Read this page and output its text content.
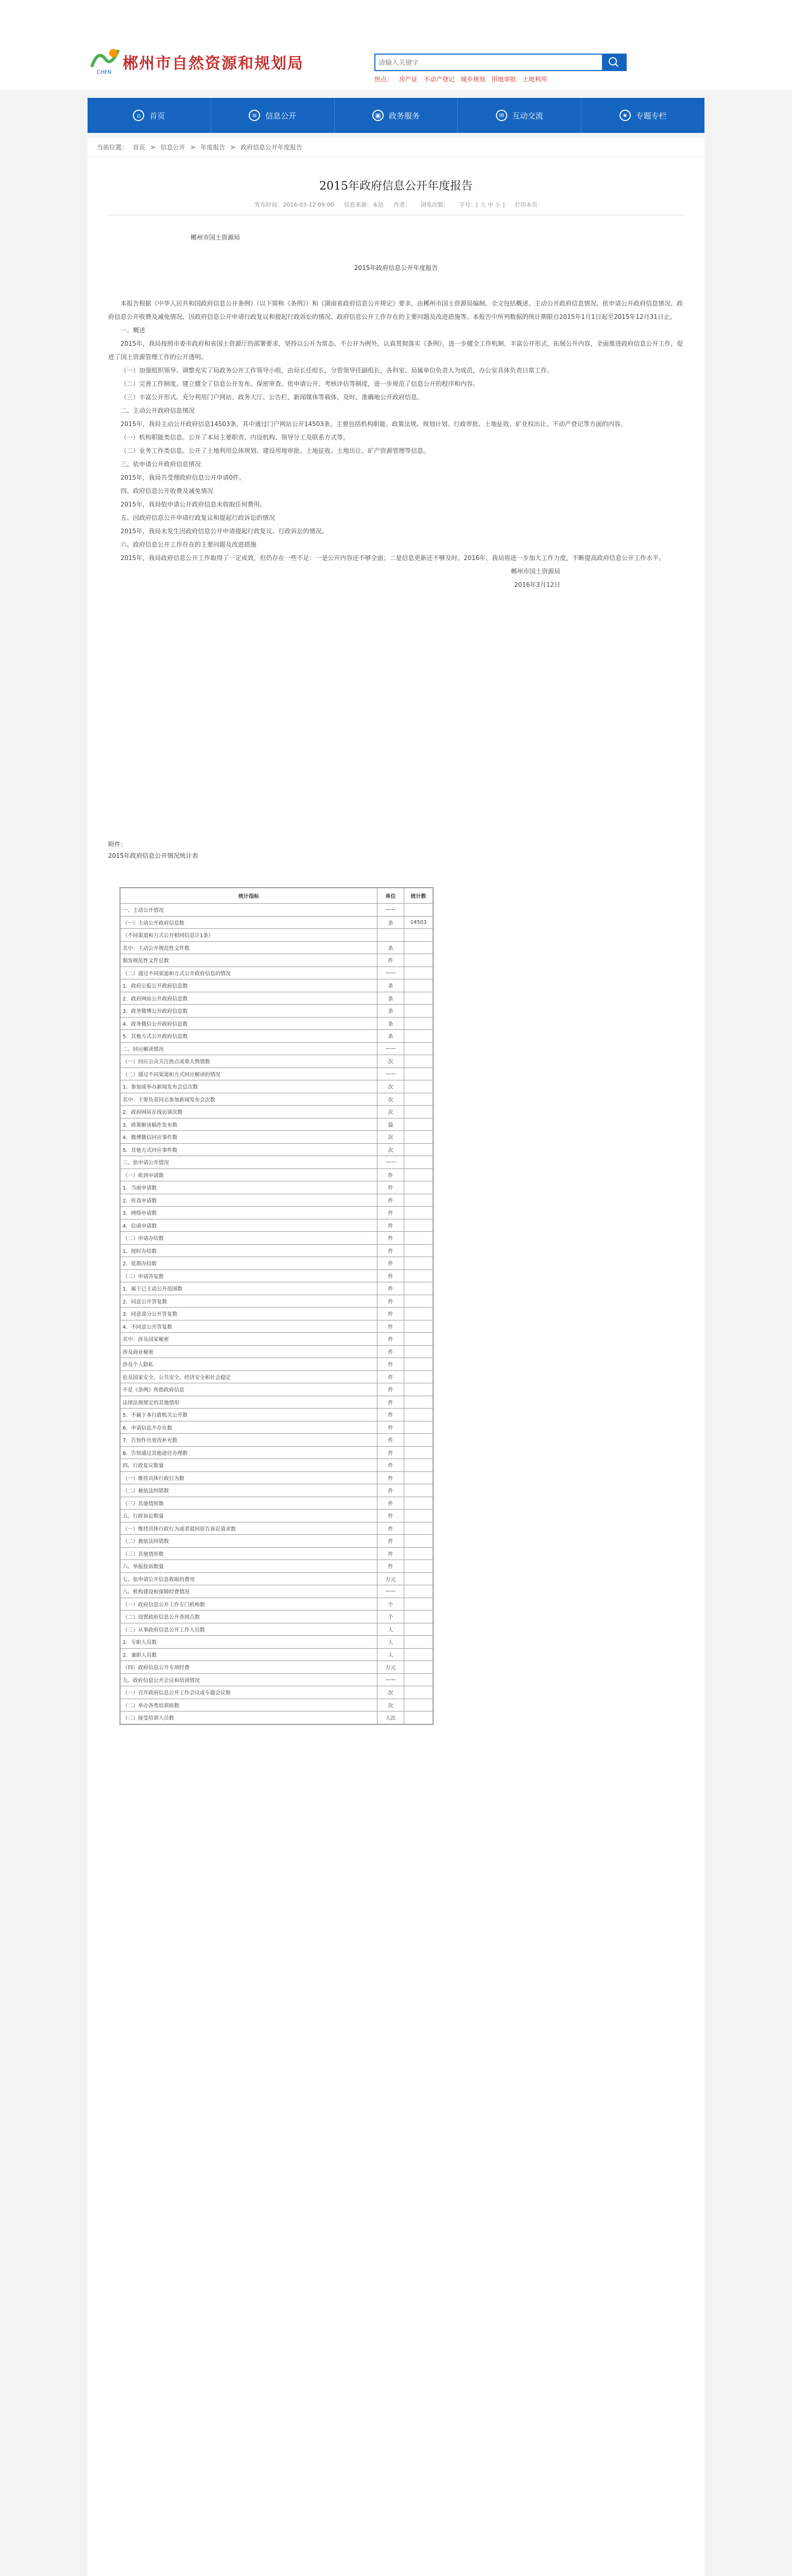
CHEN 郴州市自然资源和规划局
请输入关键字
热点： 房产证 不动产登记 城乡规划 用地审批 土地利用
⌂	首页	≡	信息公开	▣	政务服务	✉	互动交流	★	专题专栏
当前位置： 首页 > 信息公开 > 年度报告 > 政府信息公开年度报告
2015年政府信息公开年度报告
发布时间：2016-03-12 09:00 信息来源：本站 作者： 浏览次数： 字号：[ 大 中 小 ] 打印本页
郴州市国土资源局
2015年政府信息公开年度报告

本报告根据《中华人民共和国政府信息公开条例》（以下简称《条例》）和《湖南省政府信息公开规定》要求，由郴州市国土资源局编制。全文包括概述、主动公开政府信息情况、依申请公开政府信息情况、政府信息公开收费及减免情况、因政府信息公开申请行政复议和提起行政诉讼的情况、政府信息公开工作存在的主要问题及改进措施等。本报告中所列数据的统计期限自2015年1月1日起至2015年12月31日止。

一、概述

2015年，我局按照市委市政府和省国土资源厅的部署要求，坚持以公开为常态、不公开为例外，认真贯彻落实《条例》，进一步健全工作机制，丰富公开形式，拓展公开内容，全面推进政府信息公开工作，促进了国土资源管理工作的公开透明。

（一）加强组织领导。调整充实了局政务公开工作领导小组，由局长任组长，分管领导任副组长，各科室、局属单位负责人为成员，办公室具体负责日常工作。

（二）完善工作制度。建立健全了信息公开发布、保密审查、依申请公开、考核评估等制度，进一步规范了信息公开的程序和内容。

（三）丰富公开形式。充分利用门户网站、政务大厅、公告栏、新闻媒体等载体，及时、准确地公开政府信息。

二、主动公开政府信息情况

2015年，我局主动公开政府信息14503条，其中通过门户网站公开14503条，主要包括机构职能、政策法规、规划计划、行政审批、土地征收、矿业权出让、不动产登记等方面的内容。

（一）机构职能类信息。公开了本局主要职责、内设机构、领导分工及联系方式等。

（二）业务工作类信息。公开了土地利用总体规划、建设用地审批、土地征收、土地出让、矿产资源管理等信息。

三、依申请公开政府信息情况

2015年，我局共受理政府信息公开申请0件。

四、政府信息公开收费及减免情况

2015年，我局依申请公开政府信息未收取任何费用。

五、因政府信息公开申请行政复议和提起行政诉讼的情况

2015年，我局未发生因政府信息公开申请提起行政复议、行政诉讼的情况。

六、政府信息公开工作存在的主要问题及改进措施

2015年，我局政府信息公开工作取得了一定成效，但仍存在一些不足：一是公开内容还不够全面；二是信息更新还不够及时。2016年，我局将进一步加大工作力度，不断提高政府信息公开工作水平。

郴州市国土资源局

2016年3月12日

附件：
2015年政府信息公开情况统计表
统计指标	单位	统计数
一、主动公开情况	——	
（一）主动公开政府信息数	条	14503
（不同渠道和方式公开相同信息计1条）		
其中：主动公开规范性文件数	条	
制发规范性文件总数	件	
（二）通过不同渠道和方式公开政府信息的情况	——	
1．政府公报公开政府信息数	条	
2．政府网站公开政府信息数	条	
3．政务微博公开政府信息数	条	
4．政务微信公开政府信息数	条	
5．其他方式公开政府信息数	条	
二、回应解读情况	——	
（一）回应公众关注热点或重大舆情数	次	
（二）通过不同渠道和方式回应解读的情况	——	
1．参加或举办新闻发布会总次数	次	
其中：主要负责同志参加新闻发布会次数	次	
2．政府网站在线访谈次数	次	
3．政策解读稿件发布数	篇	
4．微博微信回应事件数	次	
5．其他方式回应事件数	次	
三、依申请公开情况	——	
（一）收到申请数	件	
1．当面申请数	件	
2．传真申请数	件	
3．网络申请数	件	
4．信函申请数	件	
（二）申请办结数	件	
1．按时办结数	件	
2．延期办结数	件	
（三）申请答复数	件	
1．属于已主动公开范围数	件	
2．同意公开答复数	件	
3．同意部分公开答复数	件	
4．不同意公开答复数	件	
其中：涉及国家秘密	件	
涉及商业秘密	件	
涉及个人隐私	件	
危及国家安全、公共安全、经济安全和社会稳定	件	
不是《条例》所指政府信息	件	
法律法规规定的其他情形	件	
5．不属于本行政机关公开数	件	
6．申请信息不存在数	件	
7．告知作出更改补充数	件	
8．告知通过其他途径办理数	件	
四、行政复议数量	件	
（一）维持具体行政行为数	件	
（二）被依法纠错数	件	
（三）其他情形数	件	
五、行政诉讼数量	件	
（一）维持具体行政行为或者驳回原告诉讼请求数	件	
（二）被依法纠错数	件	
（三）其他情形数	件	
六、举报投诉数量	件	
七、依申请公开信息收取的费用	万元	
八、机构建设和保障经费情况	——	
（一）政府信息公开工作专门机构数	个	
（二）设置政府信息公开查阅点数	个	
（三）从事政府信息公开工作人员数	人	
1．专职人员数	人	
2．兼职人员数	人	
（四）政府信息公开专项经费	万元	
九、政府信息公开会议和培训情况	——	
（一）召开政府信息公开工作会议或专题会议数	次	
（二）举办各类培训班数	次	
（三）接受培训人员数	人次	
